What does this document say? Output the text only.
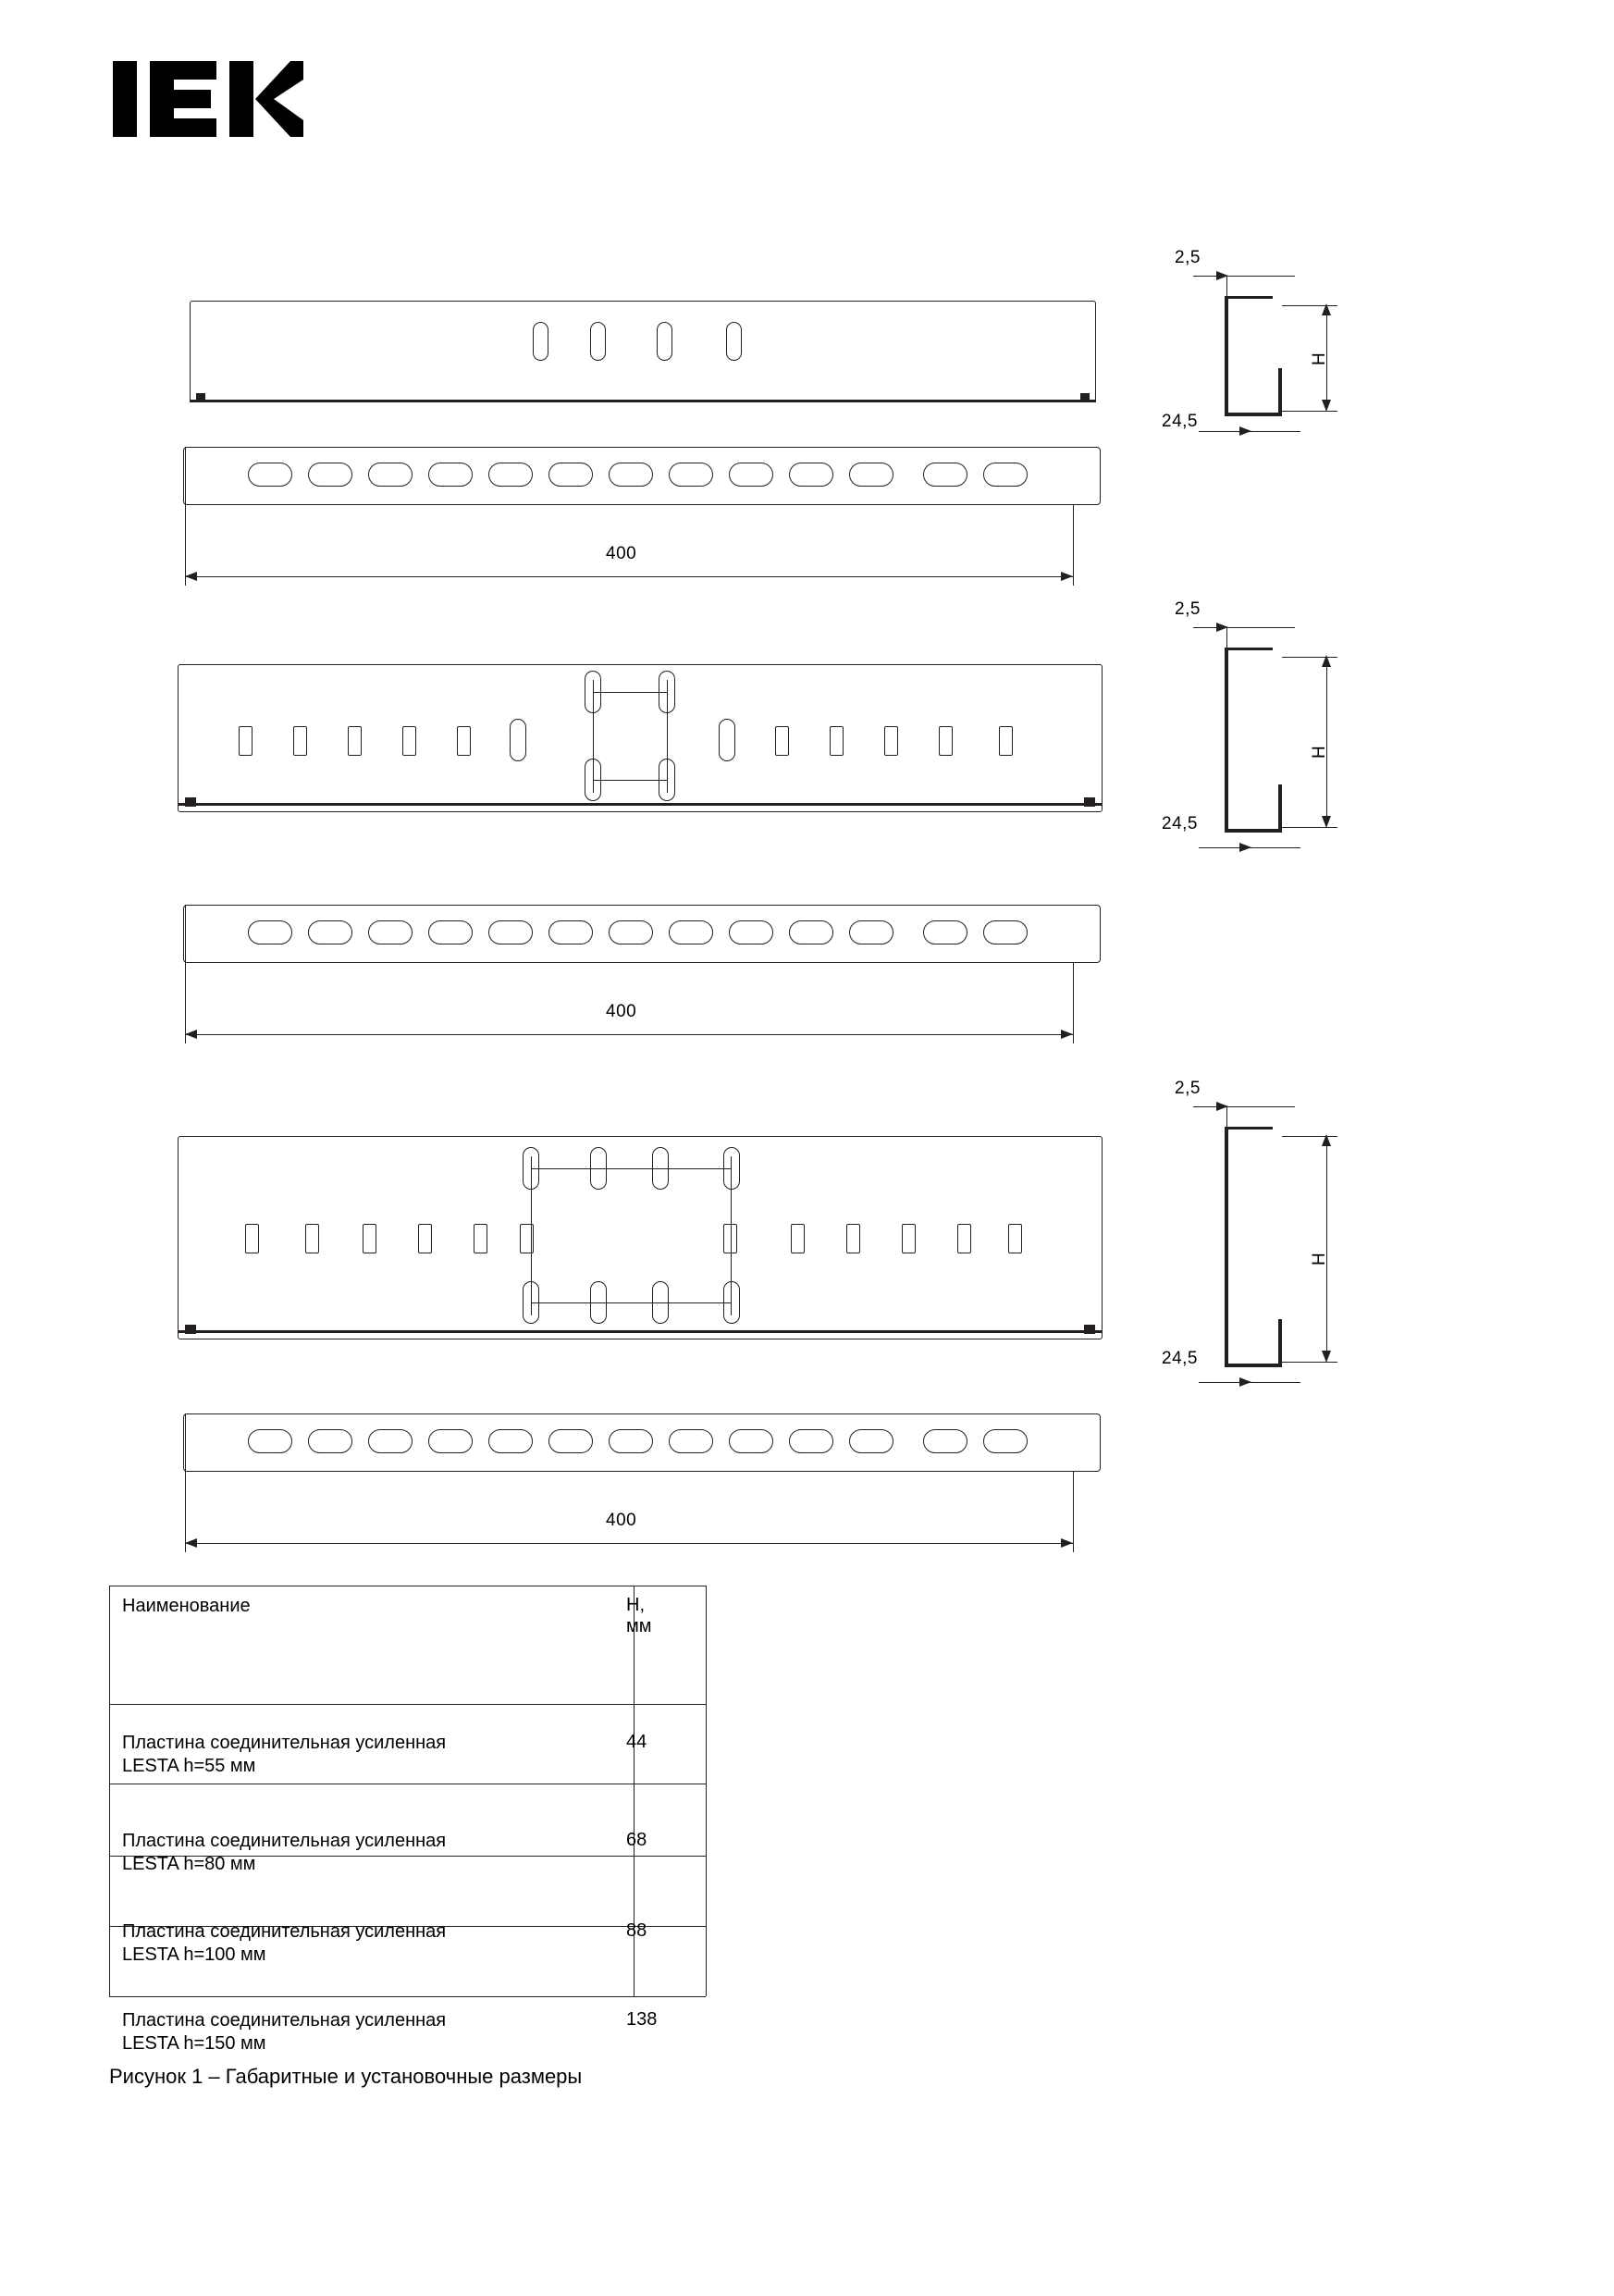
400
2,5
24,5
H
400
2,5
24,5
H
400
2,5
24,5
H
Наименование	H,
мм
Пластина соединительная усиленная
LESTA h=55 мм	44
Пластина соединительная усиленная
LESTA h=80 мм	68
Пластина соединительная усиленная
LESTA h=100 мм	88
Пластина соединительная усиленная
LESTA h=150 мм	138
Рисунок 1 – Габаритные и установочные размеры
